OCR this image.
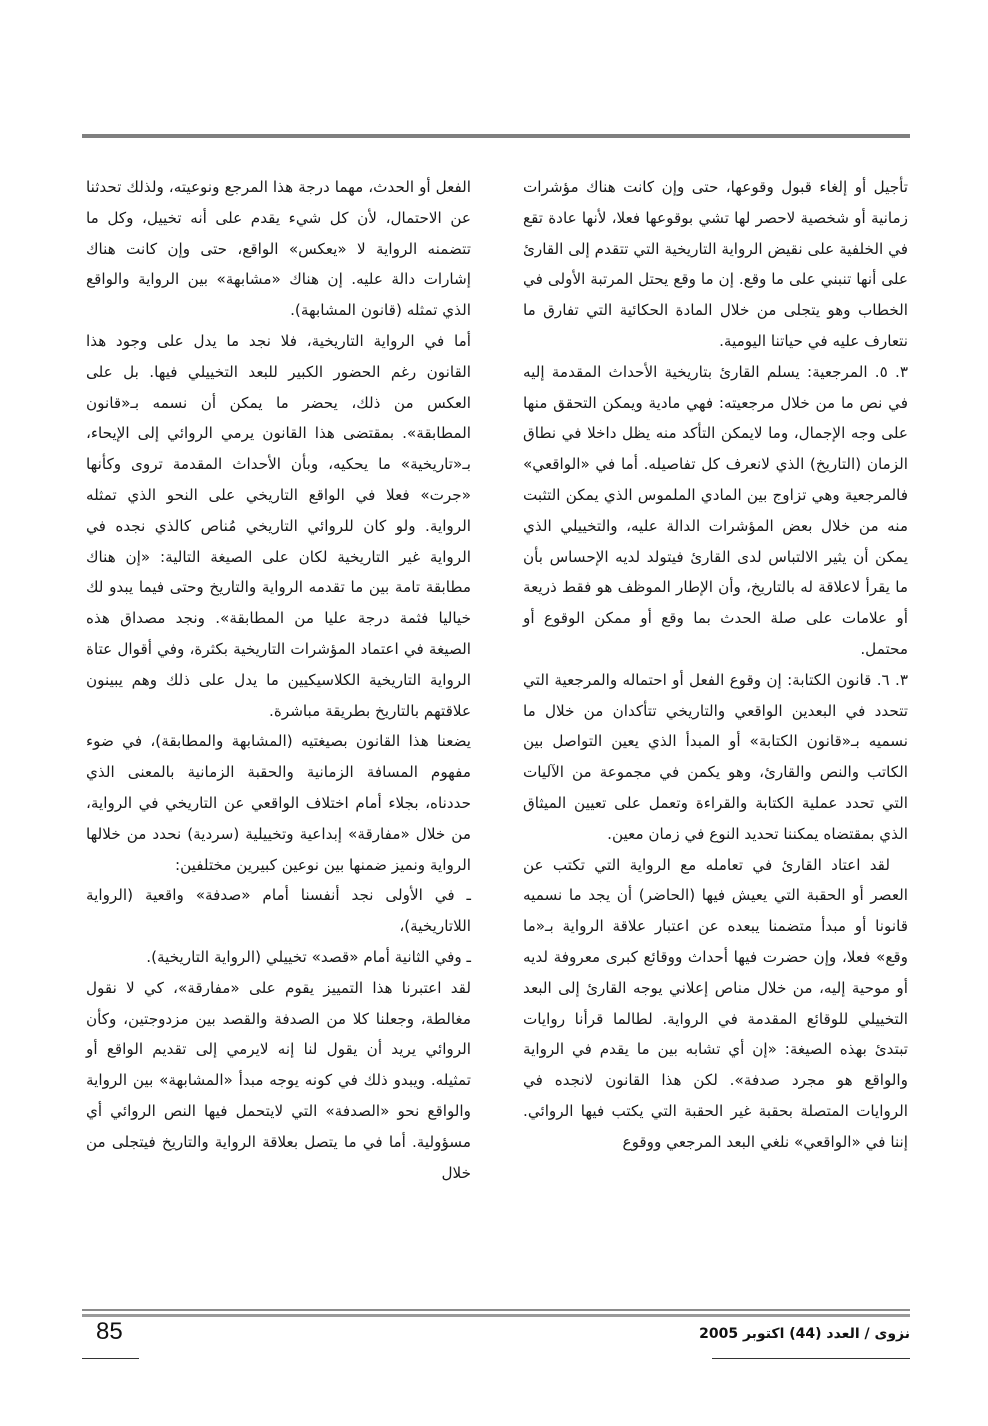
تأجيل أو إلغاء قبول وقوعها، حتى وإن كانت هناك مؤشرات زمانية أو شخصية لاحصر لها تشي بوقوعها فعلا، لأنها عادة تقع في الخلفية على نقيض الرواية التاريخية التي تتقدم إلى القارئ على أنها تنبني على ما وقع. إن ما وقع يحتل المرتبة الأولى في الخطاب وهو يتجلى من خلال المادة الحكائية التي تفارق ما نتعارف عليه في حياتنا اليومية.

٣. ٥. المرجعية: يسلم القارئ بتاريخية الأحداث المقدمة إليه في نص ما من خلال مرجعيته: فهي مادية ويمكن التحقق منها على وجه الإجمال، وما لايمكن التأكد منه يظل داخلا في نطاق الزمان (التاريخ) الذي لانعرف كل تفاصيله. أما في «الواقعي» فالمرجعية وهي تزاوج بين المادي الملموس الذي يمكن التثبت منه من خلال بعض المؤشرات الدالة عليه، والتخييلي الذي يمكن أن يثير الالتباس لدى القارئ فيتولد لديه الإحساس بأن ما يقرأ لاعلاقة له بالتاريخ، وأن الإطار الموظف هو فقط ذريعة أو علامات على صلة الحدث بما وقع أو ممكن الوقوع أو محتمل.

٣. ٦. قانون الكتابة: إن وقوع الفعل أو احتماله والمرجعية التي تتحدد في البعدين الواقعي والتاريخي تتأكدان من خلال ما نسميه بـ«قانون الكتابة» أو المبدأ الذي يعين التواصل بين الكاتب والنص والقارئ، وهو يكمن في مجموعة من الآليات التي تحدد عملية الكتابة والقراءة وتعمل على تعيين الميثاق الذي بمقتضاه يمكننا تحديد النوع في زمان معين.

لقد اعتاد القارئ في تعامله مع الرواية التي تكتب عن العصر أو الحقبة التي يعيش فيها (الحاضر) أن يجد ما نسميه قانونا أو مبدأ متضمنا يبعده عن اعتبار علاقة الرواية بـ«ما وقع» فعلا، وإن حضرت فيها أحداث ووقائع كبرى معروفة لديه أو موحية إليه، من خلال مناص إعلاني يوجه القارئ إلى البعد التخييلي للوقائع المقدمة في الرواية. لطالما قرأنا روايات تبتدئ بهذه الصيغة: «إن أي تشابه بين ما يقدم في الرواية والواقع هو مجرد صدفة». لكن هذا القانون لانجده في الروايات المتصلة بحقبة غير الحقبة التي يكتب فيها الروائي. إننا في «الواقعي» نلغي البعد المرجعي ووقوع

الفعل أو الحدث، مهما درجة هذا المرجع ونوعيته، ولذلك تحدثنا عن الاحتمال، لأن كل شيء يقدم على أنه تخييل، وكل ما تتضمنه الرواية لا «يعكس» الواقع، حتى وإن كانت هناك إشارات دالة عليه. إن هناك «مشابهة» بين الرواية والواقع الذي تمثله (قانون المشابهة).

أما في الرواية التاريخية، فلا نجد ما يدل على وجود هذا القانون رغم الحضور الكبير للبعد التخييلي فيها. بل على العكس من ذلك، يحضر ما يمكن أن نسمه بـ«قانون المطابقة». بمقتضى هذا القانون يرمي الروائي إلى الإيحاء، بـ«تاريخية» ما يحكيه، وبأن الأحداث المقدمة تروى وكأنها «جرت» فعلا في الواقع التاريخي على النحو الذي تمثله الرواية. ولو كان للروائي التاريخي مُناص كالذي نجده في الرواية غير التاريخية لكان على الصيغة التالية: «إن هناك مطابقة تامة بين ما تقدمه الرواية والتاريخ وحتى فيما يبدو لك خياليا فثمة درجة عليا من المطابقة». ونجد مصداق هذه الصيغة في اعتماد المؤشرات التاريخية بكثرة، وفي أقوال عتاة الرواية التاريخية الكلاسيكيين ما يدل على ذلك وهم يبينون علاقتهم بالتاريخ بطريقة مباشرة.

يضعنا هذا القانون بصيغتيه (المشابهة والمطابقة)، في ضوء مفهوم المسافة الزمانية والحقبة الزمانية بالمعنى الذي حددناه، بجلاء أمام اختلاف الواقعي عن التاريخي في الرواية، من خلال «مفارقة» إبداعية وتخييلية (سردية) نحدد من خلالها الرواية ونميز ضمنها بين نوعين كبيرين مختلفين:

ـ في الأولى نجد أنفسنا أمام «صدفة» واقعية (الرواية اللاتاريخية)،

ـ وفي الثانية أمام «قصد» تخييلي (الرواية التاريخية).

لقد اعتبرنا هذا التمييز يقوم على «مفارقة»، كي لا نقول مغالطة، وجعلنا كلا من الصدفة والقصد بين مزدوجتين، وكأن الروائي يريد أن يقول لنا إنه لايرمي إلى تقديم الواقع أو تمثيله. ويبدو ذلك في كونه يوجه مبدأ «المشابهة» بين الرواية والواقع نحو «الصدفة» التي لايتحمل فيها النص الروائي أي مسؤولية. أما في ما يتصل بعلاقة الرواية والتاريخ فيتجلى من خلال

85	نزوى / العدد (44) اكتوبر 2005
